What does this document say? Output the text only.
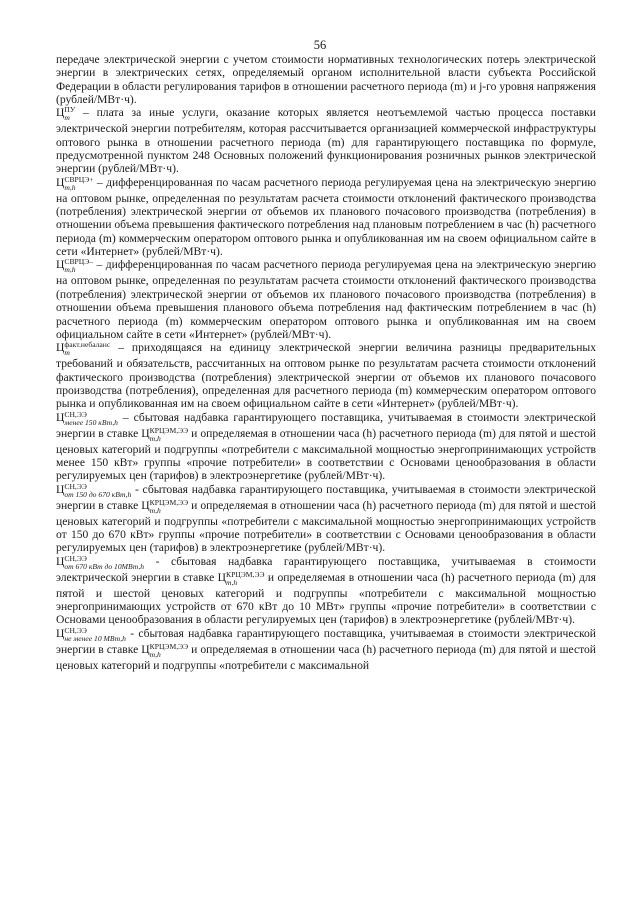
56

передаче электрической энергии с учетом стоимости нормативных технологических потерь электрической энергии в электрических сетях, определяемый органом исполнительной власти субъекта Российской Федерации в области регулирования тарифов в отношении расчетного периода (m) и j-го уровня напряжения (рублей/МВт·ч).

Ц ПУ
m – плата за иные услуги, оказание которых является неотъемлемой частью процесса поставки электрической энергии потребителям, которая рассчитывается организацией коммерческой инфраструктуры оптового рынка в отношении расчетного периода (m) для гарантирующего поставщика по формуле, предусмотренной пунктом 248 Основных положений функционирования розничных рынков электрической энергии (рублей/МВт·ч).

Ц СВРЦЭ+
m,h	– дифференцированная по часам расчетного периода регулируемая цена на электрическую энергию на оптовом рынке, определенная по результатам расчета стоимости отклонений фактического производства (потребления) электрической энергии от объемов их планового почасового производства (потребления) в отношении объема превышения фактического потребления над плановым потреблением в час (h) расчетного периода (m) коммерческим оператором оптового рынка и опубликованная им на своем официальном сайте в сети «Интернет» (рублей/МВт·ч).

Ц СВРЦЭ–
m,h	– дифференцированная по часам расчетного периода регулируемая цена на электрическую энергию на оптовом рынке, определенная по результатам расчета стоимости отклонений фактического производства (потребления) электрической энергии от объемов их планового почасового производства (потребления) в отношении объема превышения планового объема потребления над фактическим потреблением в час (h) расчетного периода (m) коммерческим оператором оптового рынка и опубликованная им на своем официальном сайте в сети «Интернет» (рублей/МВт·ч).

Ц факт.небаланс
m	– приходящаяся на единицу электрической энергии величина разницы предварительных требований и обязательств, рассчитанных на оптовом рынке по результатам расчета стоимости отклонений фактического производства (потребления) электрической энергии от объемов их планового почасового производства (потребления), определенная для расчетного периода (m) коммерческим оператором оптового рынка и опубликованная им на своем официальном сайте в сети «Интернет» (рублей/МВт·ч).

Ц СН,ЭЭ
менее 150 кВт,h – сбытовая надбавка гарантирующего поставщика, учитываемая в стоимости электрической энергии в ставке Ц КРЦЭМ,ЭЭ
m,h	и определяемая в отношении часа (h) расчетного периода (m) для пятой и шестой ценовых категорий и подгруппы «потребители с максимальной мощностью энергопринимающих устройств менее 150 кВт» группы «прочие потребители» в соответствии с Основами ценообразования в области регулируемых цен (тарифов) в электроэнергетике (рублей/МВт·ч).

Ц СН,ЭЭ
от 150 до 670 кВт,h - сбытовая надбавка гарантирующего поставщика, учитываемая в стоимости электрической энергии в ставке Ц КРЦЭМ,ЭЭ
m,h	и определяемая в отношении часа (h) расчетного периода (m) для пятой и шестой ценовых категорий и подгруппы «потребители с максимальной мощностью энергопринимающих устройств от 150 до 670 кВт» группы «прочие потребители» в соответствии с Основами ценообразования в области регулируемых цен (тарифов) в электроэнергетике (рублей/МВт·ч).

Ц СН,ЭЭ
от 670 кВт до 10МВт,h - сбытовая надбавка гарантирующего поставщика, учитываемая в стоимости электрической энергии в ставке Ц КРЦЭМ,ЭЭ
m,h	и определяемая в отношении часа (h) расчетного периода (m) для пятой и шестой ценовых категорий и подгруппы «потребители с максимальной мощностью энергопринимающих устройств от 670 кВт до 10 МВт» группы «прочие потребители» в соответствии с Основами ценообразования в области регулируемых цен (тарифов) в электроэнергетике (рублей/МВт·ч).

Ц СН,ЭЭ
не менее 10 МВт,h - сбытовая надбавка гарантирующего поставщика, учитываемая в стоимости электрической энергии в ставке Ц КРЦЭМ,ЭЭ
m,h	и определяемая в отношении часа (h) расчетного периода (m) для пятой и шестой ценовых категорий и подгруппы «потребители с максимальной
